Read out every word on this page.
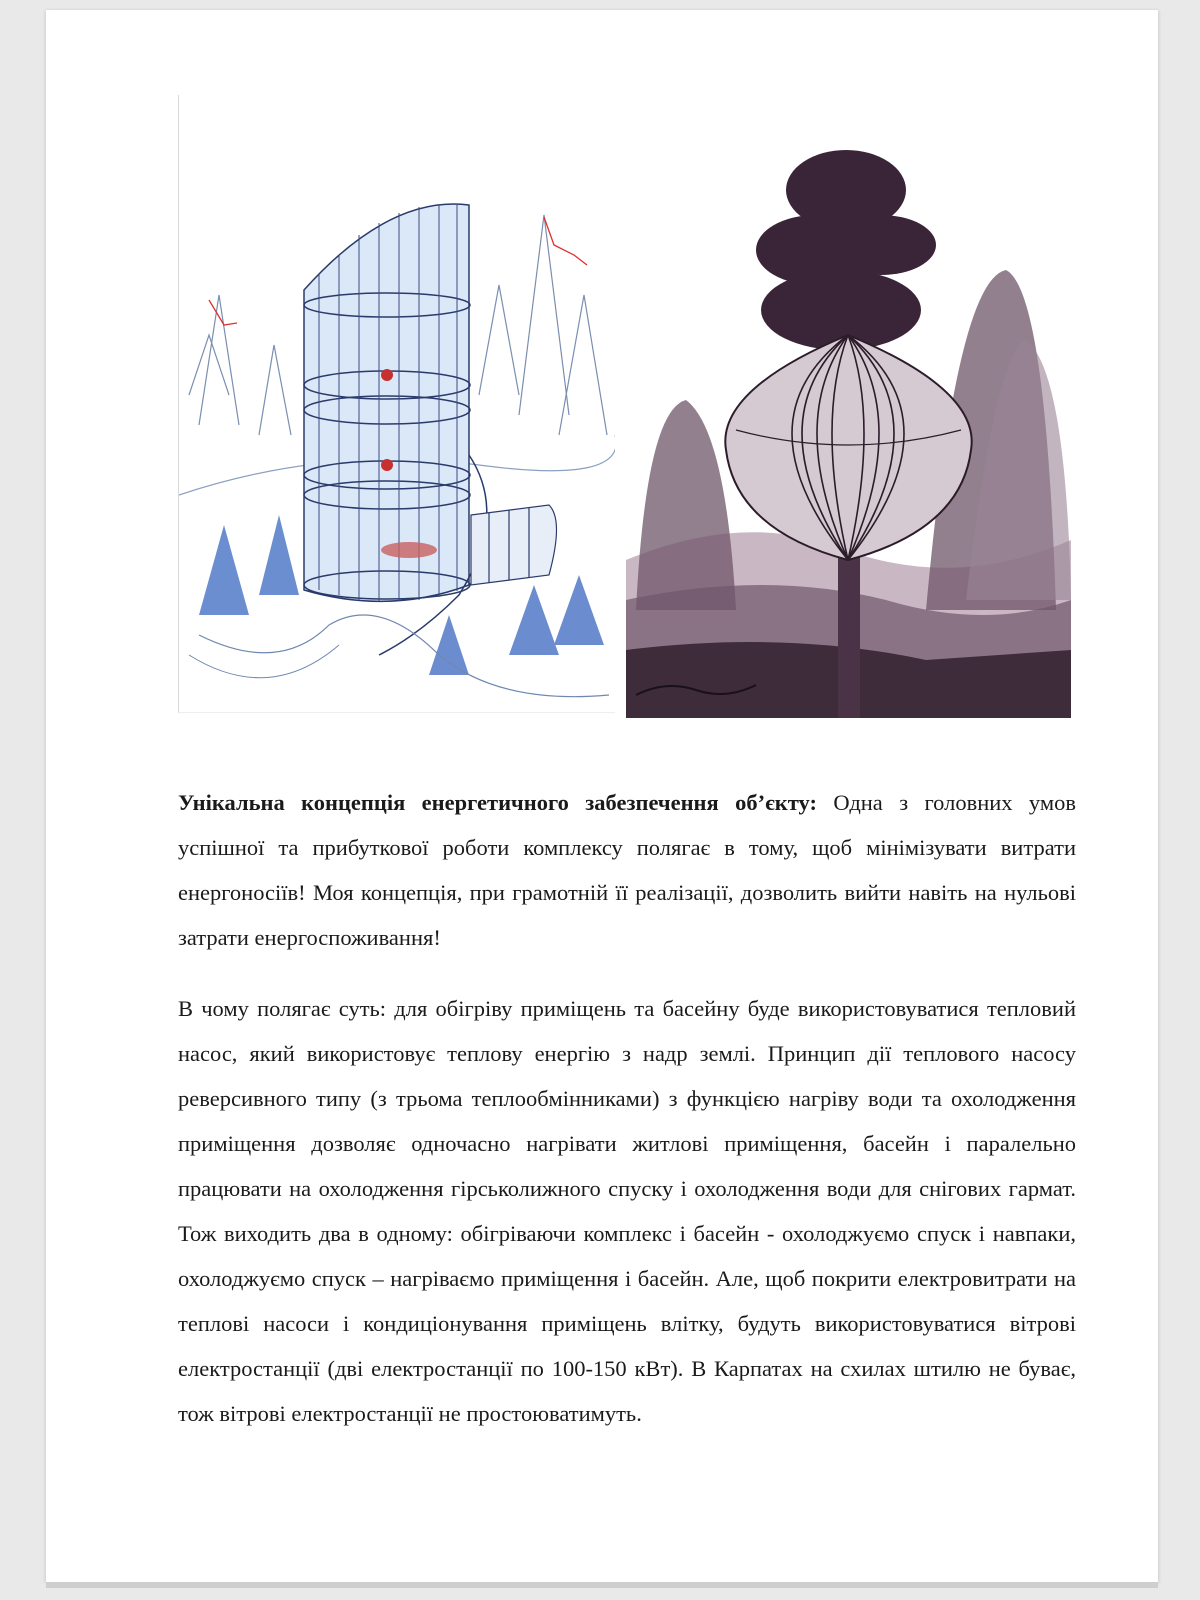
Унікальна концепція енергетичного забезпечення об’єкту: Одна з головних умов успішної та прибуткової роботи комплексу полягає в тому, щоб мінімізувати витрати енергоносіїв! Моя концепція, при грамотній її реалізації, дозволить вийти навіть на нульові затрати енергоспоживання!

В чому полягає суть: для обігріву приміщень та басейну буде використовуватися тепловий насос, який використовує теплову енергію з надр землі. Принцип дії теплового насосу реверсивного типу (з трьома теплообмінниками) з функцією нагріву води та охолодження приміщення дозволяє одночасно нагрівати житлові приміщення, басейн і паралельно працювати на охолодження гірськолижного спуску і охолодження води для снігових гармат. Тож виходить два в одному: обігріваючи комплекс і басейн - охолоджуємо спуск і навпаки, охолоджуємо спуск – нагріваємо приміщення і басейн. Але, щоб покрити електровитрати на теплові насоси і кондиціонування приміщень влітку, будуть використовуватися вітрові електростанції (дві електростанції по 100-150 кВт). В Карпатах на схилах штилю не буває, тож вітрові електростанції не простоюватимуть.
